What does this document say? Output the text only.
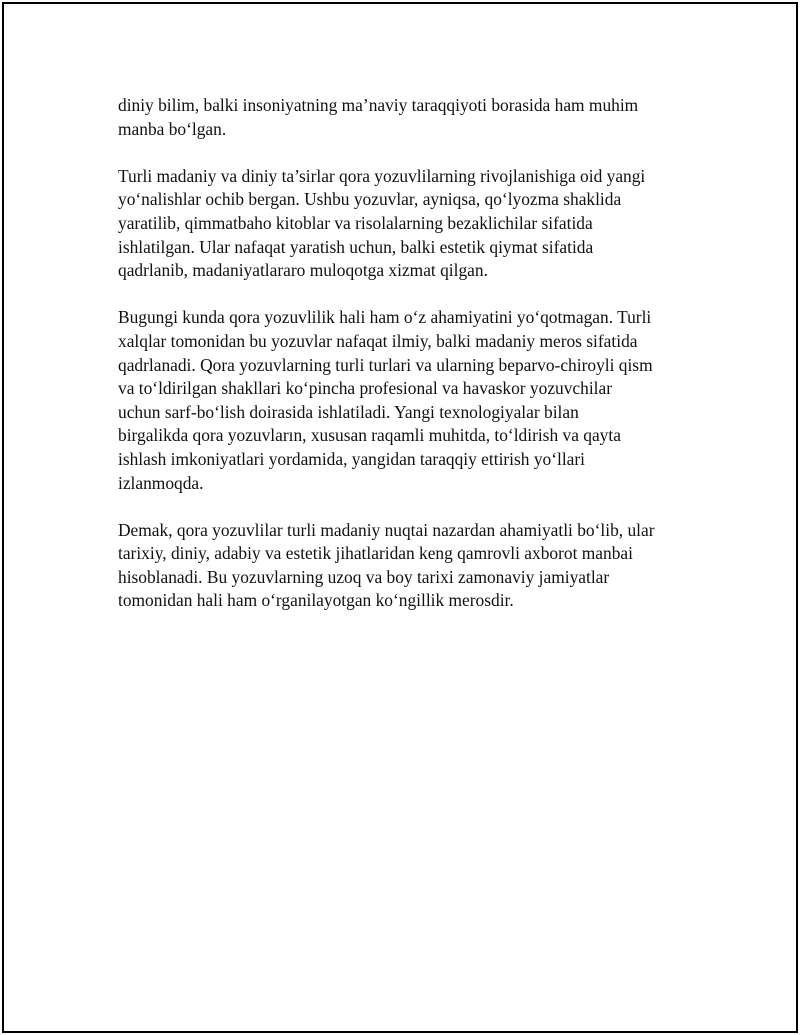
diniy bilim, balki insoniyatning ma’naviy taraqqiyoti borasida ham muhim
manba bo‘lgan.

Turli madaniy va diniy ta’sirlar qora yozuvlilarning rivojlanishiga oid yangi
yo‘nalishlar ochib bergan. Ushbu yozuvlar, ayniqsa, qo‘lyozma shaklida
yaratilib, qimmatbaho kitoblar va risolalarning bezaklichilar sifatida
ishlatilgan. Ular nafaqat yaratish uchun, balki estetik qiymat sifatida
qadrlanib, madaniyatlararo muloqotga xizmat qilgan.

Bugungi kunda qora yozuvlilik hali ham o‘z ahamiyatini yo‘qotmagan. Turli
xalqlar tomonidan bu yozuvlar nafaqat ilmiy, balki madaniy meros sifatida
qadrlanadi. Qora yozuvlarning turli turlari va ularning beparvo-chiroyli qism
va to‘ldirilgan shakllari ko‘pincha profesional va havaskor yozuvchilar
uchun sarf-bo‘lish doirasida ishlatiladi. Yangi texnologiyalar bilan
birgalikda qora yozuvların, xususan raqamli muhitda, to‘ldirish va qayta
ishlash imkoniyatlari yordamida, yangidan taraqqiy ettirish yo‘llari
izlanmoqda.

Demak, qora yozuvlilar turli madaniy nuqtai nazardan ahamiyatli bo‘lib, ular
tarixiy, diniy, adabiy va estetik jihatlaridan keng qamrovli axborot manbai
hisoblanadi. Bu yozuvlarning uzoq va boy tarixi zamonaviy jamiyatlar
tomonidan hali ham o‘rganilayotgan ko‘ngillik merosdir.
